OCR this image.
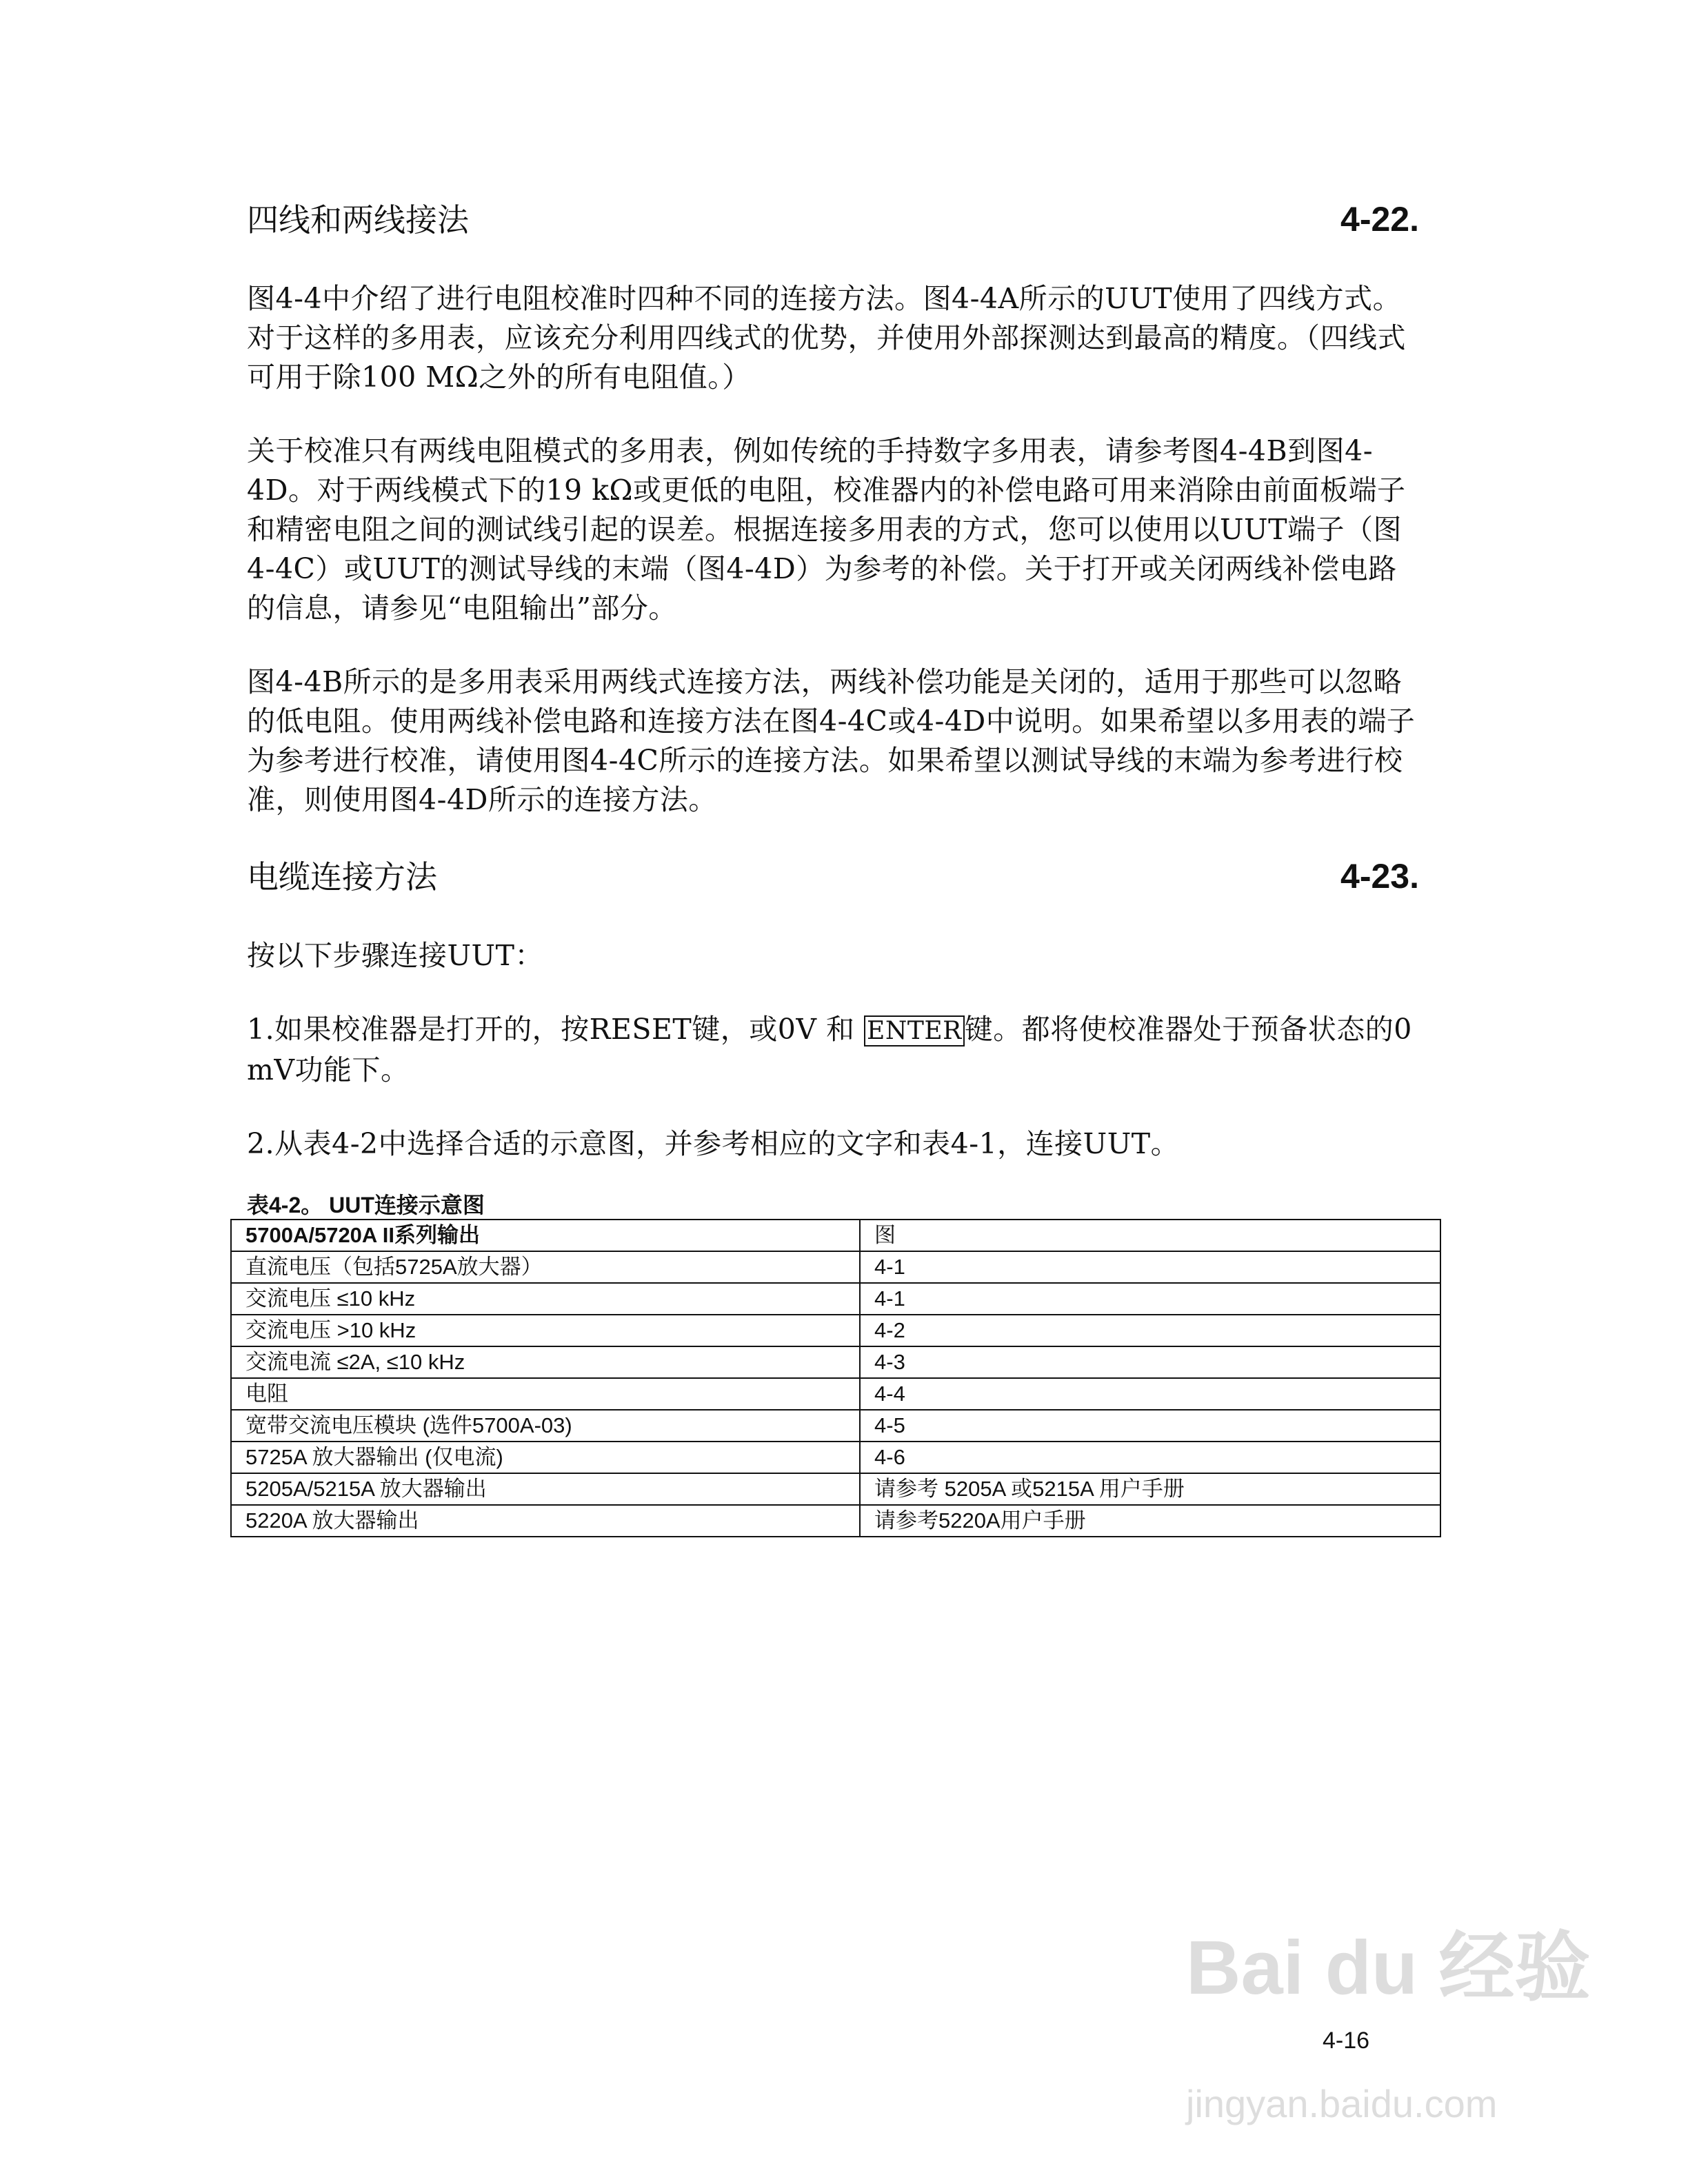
四线和两线接法	4-22.

图4-4中介绍了进行电阻校准时四种不同的连接方法。图4-4A所示的UUT使用了四线方式。对于这样的多用表，应该充分利用四线式的优势，并使用外部探测达到最高的精度。（四线式可用于除100 MΩ之外的所有电阻值。）

关于校准只有两线电阻模式的多用表，例如传统的手持数字多用表，请参考图4-4B到图4-4D。对于两线模式下的19 kΩ或更低的电阻，校准器内的补偿电路可用来消除由前面板端子和精密电阻之间的测试线引起的误差。根据连接多用表的方式，您可以使用以UUT端子（图4-4C）或UUT的测试导线的末端（图4-4D）为参考的补偿。关于打开或关闭两线补偿电路的信息，请参见“电阻输出”部分。

图4-4B所示的是多用表采用两线式连接方法，两线补偿功能是关闭的，适用于那些可以忽略的低电阻。使用两线补偿电路和连接方法在图4-4C或4-4D中说明。如果希望以多用表的端子为参考进行校准，请使用图4-4C所示的连接方法。如果希望以测试导线的末端为参考进行校准，则使用图4-4D所示的连接方法。

电缆连接方法	4-23.

按以下步骤连接UUT：

1.如果校准器是打开的，按RESET键，或0V 和 ENTER键。都将使校准器处于预备状态的0 mV功能下。

2.从表4-2中选择合适的示意图，并参考相应的文字和表4-1，连接UUT。

表4-2。 UUT连接示意图
5700A/5720A II系列输出	图
直流电压（包括5725A放大器）	4-1
交流电压 ≤10 kHz	4-1
交流电压 >10 kHz	4-2
交流电流 ≤2A, ≤10 kHz	4-3
电阻	4-4
宽带交流电压模块 (选件5700A-03)	4-5
5725A 放大器输出 (仅电流)	4-6
5205A/5215A 放大器输出	请参考 5205A 或5215A 用户手册
5220A 放大器输出	请参考5220A用户手册
Bai du 经验
4-16
jingyan.baidu.com
